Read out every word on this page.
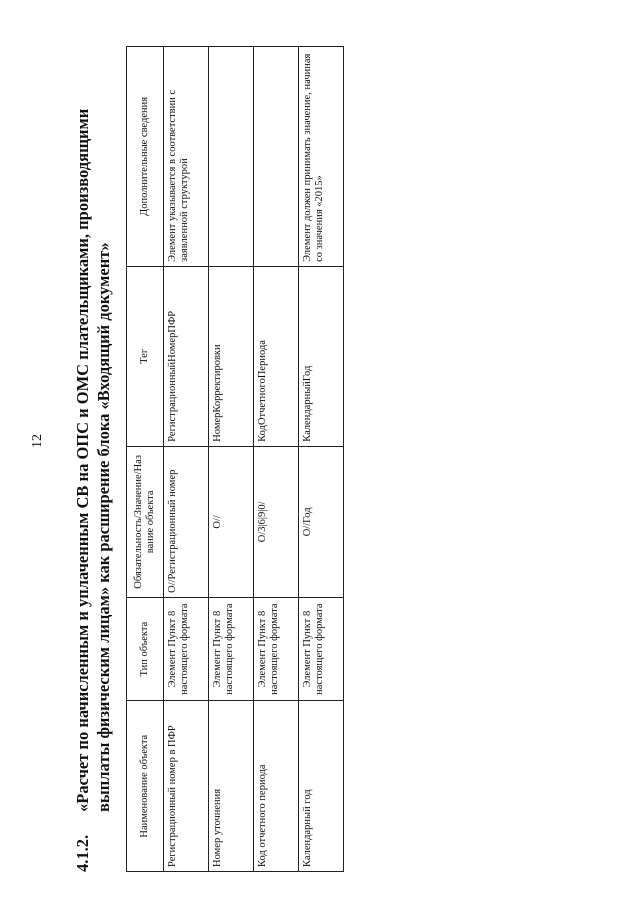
12
4.1.2.
«Расчет по начисленным и уплаченным СВ на ОПС и ОМС плательщиками, производящими выплаты физическим лицам» как расширение блока «Входящий документ» Наименование объекта	Тип объекта	Обязательность/Значение/Наз вание объекта	Тег	Дополнительные сведения
Регистрационный номер в ПФР	Элемент Пункт 8 настоящего формата	О//Регистрационный номер	РегистрационныйНомерПФР	Элемент указывается в соответствии с заявленной структурой
Номер уточнения	Элемент Пункт 8 настоящего формата	О//	НомерКорректировки	
Код отчетного периода	Элемент Пункт 8 настоящего формата	О/3|6|9|0/	КодОтчетногоПериода	
Календарный год	Элемент Пункт 8 настоящего формата	О//Год	КалендарныйГод	Элемент должен принимать значение, начиная со значения «2015»
